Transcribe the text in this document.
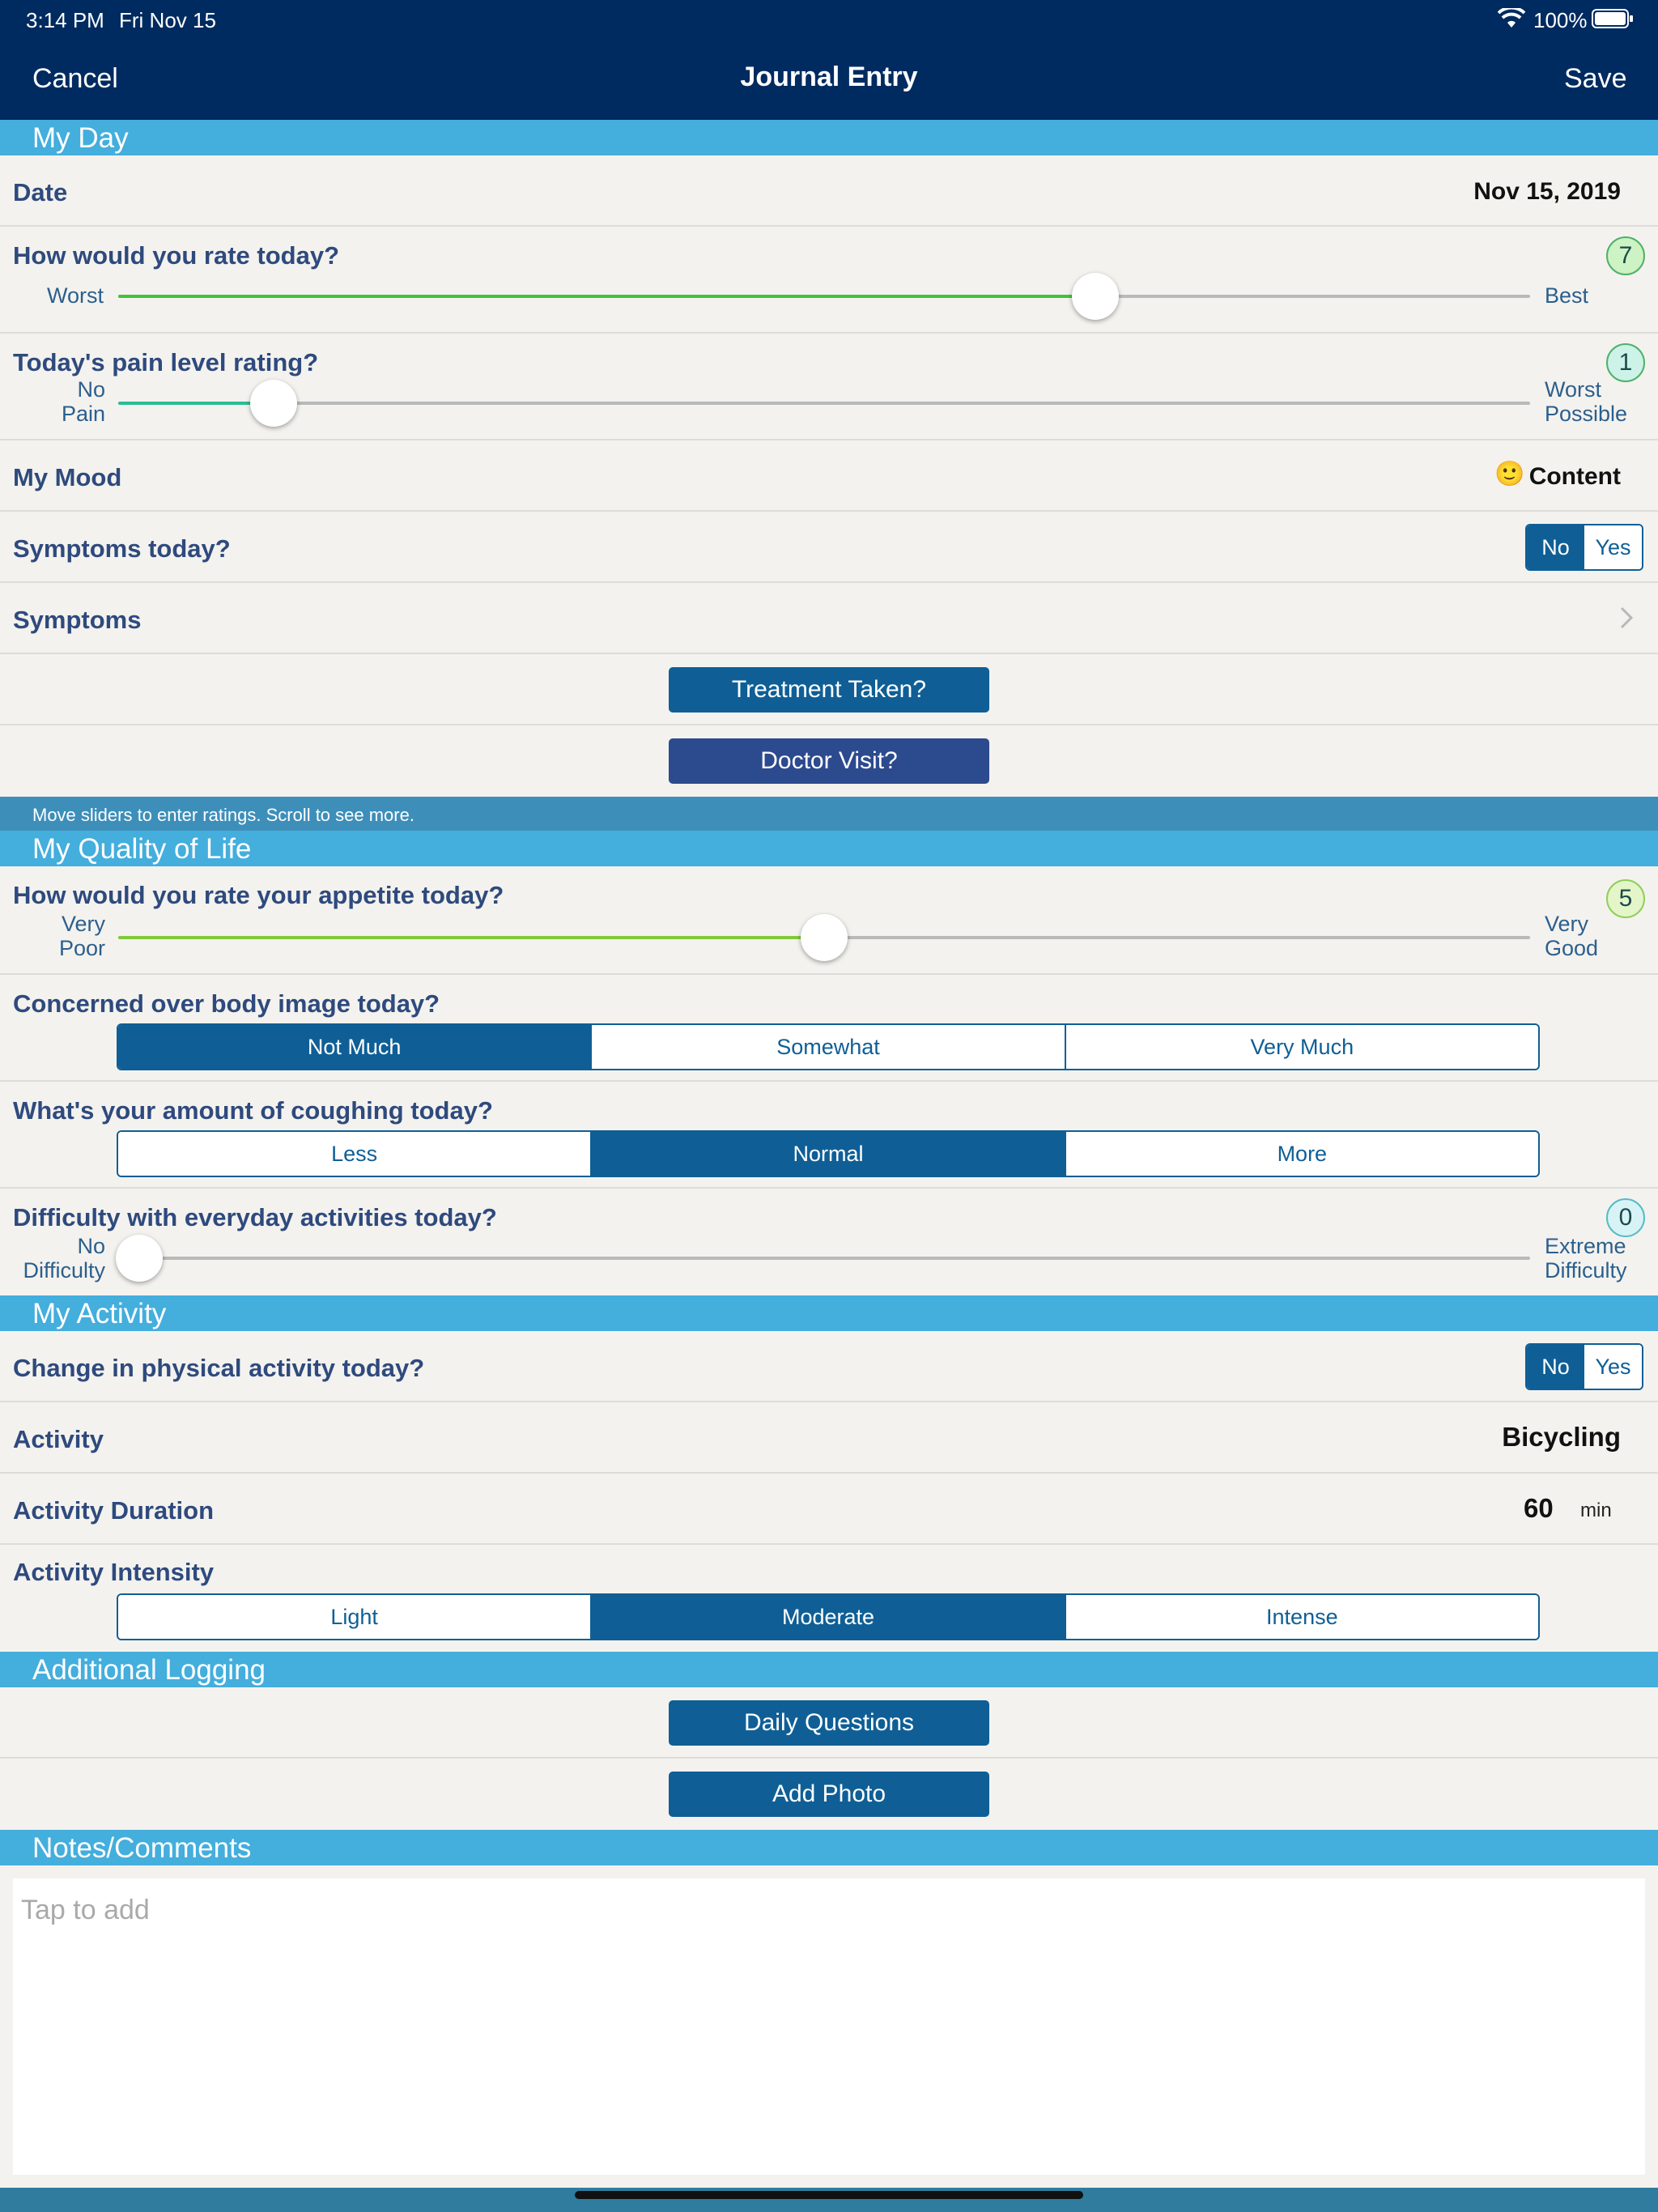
3:14 PM Fri Nov 15	100%
Cancel	Journal Entry	Save
My Day
Date	Nov 15, 2019
How would you rate today?	7
Worst	Best
Today's pain level rating?	1
No
Pain
Worst
Possible
My Mood	🙂 Content
Symptoms today?	No	Yes
Symptoms
Treatment Taken?
Doctor Visit?
Move sliders to enter ratings. Scroll to see more.
My Quality of Life
How would you rate your appetite today?	5
Very
Poor
Very
Good
Concerned over body image today?
Not Much	Somewhat	Very Much
What's your amount of coughing today?
Less	Normal	More
Difficulty with everyday activities today?	0
No
Difficulty
Extreme
Difficulty
My Activity
Change in physical activity today?	No	Yes
Activity	Bicycling
Activity Duration	60 min
Activity Intensity
Light	Moderate	Intense
Additional Logging
Daily Questions
Add Photo
Notes/Comments
Tap to add
